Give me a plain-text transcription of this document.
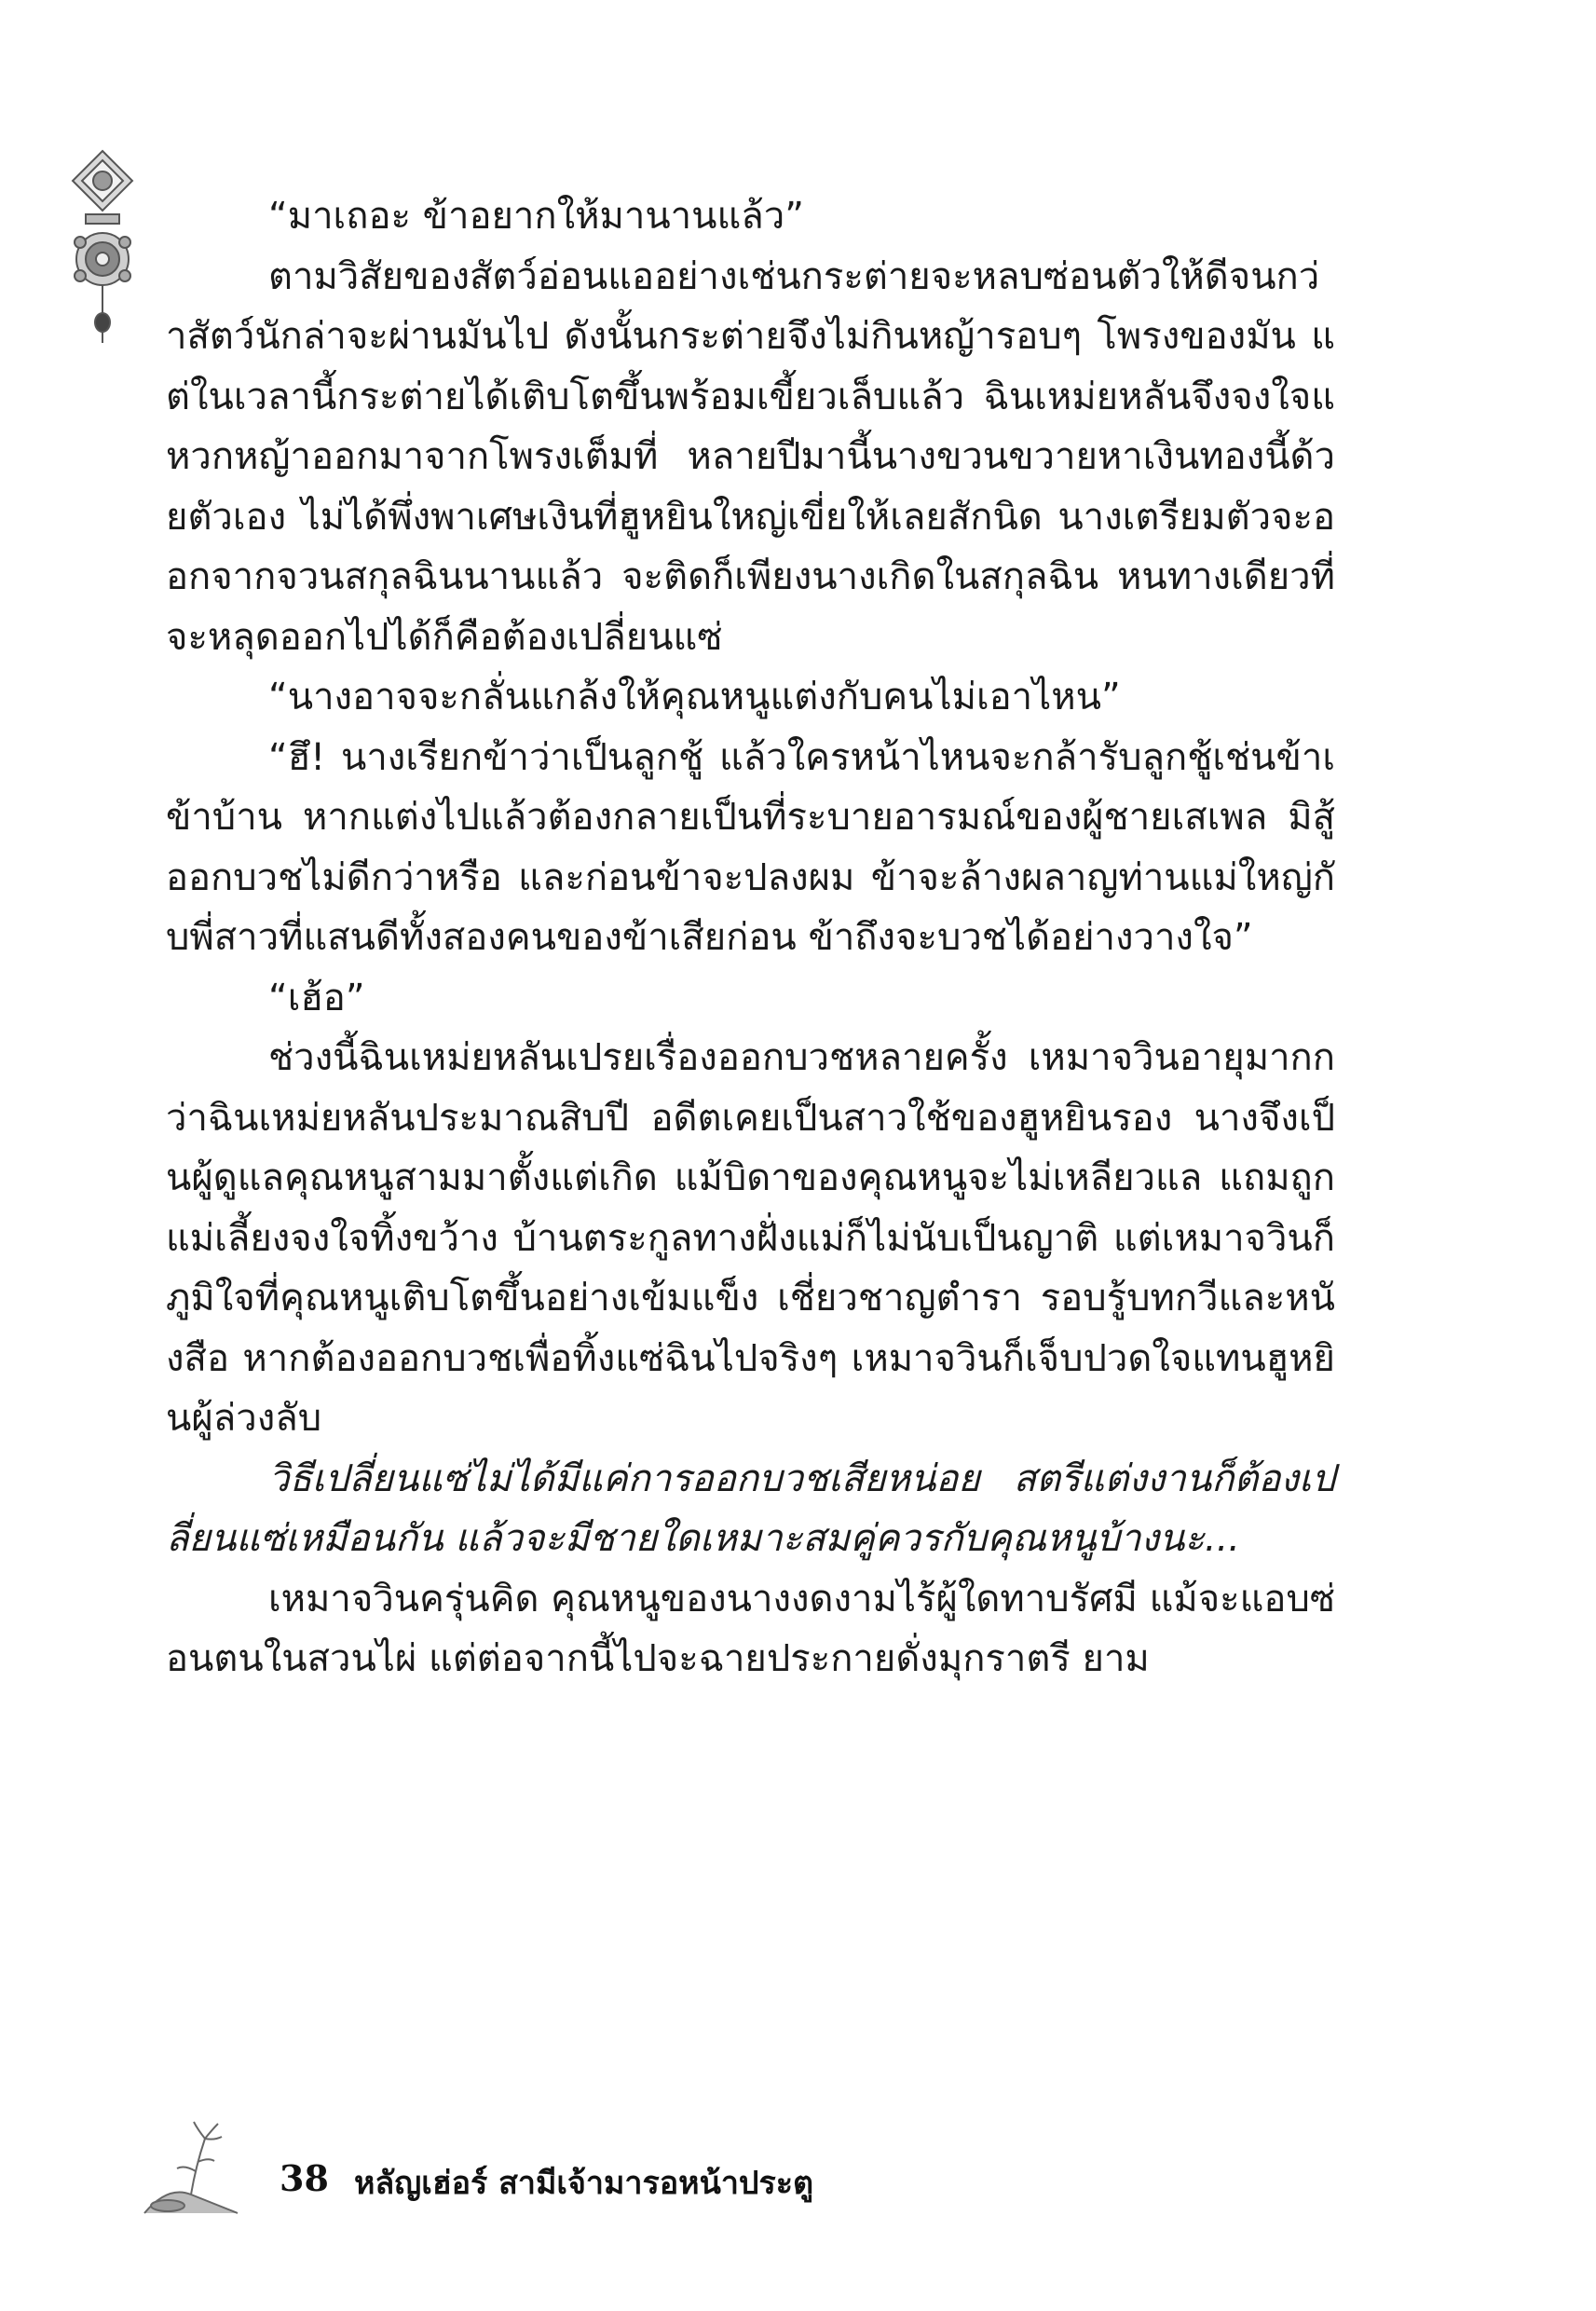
“มาเถอะ ข้าอยากให้มานานแล้ว”

ตามวิสัยของสัตว์อ่อนแออย่างเช่นกระต่ายจะหลบซ่อนตัวให้ดีจนกว่าสัตว์นักล่าจะผ่านมันไป ดังนั้นกระต่ายจึงไม่กินหญ้ารอบๆ โพรงของมัน แต่ในเวลานี้กระต่ายได้เติบโตขึ้นพร้อมเขี้ยวเล็บแล้ว ฉินเหม่ยหลันจึงจงใจแหวกหญ้าออกมาจากโพรงเต็มที่ หลายปีมานี้นางขวนขวายหาเงินทองนี้ด้วยตัวเอง ไม่ได้พึ่งพาเศษเงินที่ฮูหยินใหญ่เขี่ยให้เลยสักนิด นางเตรียมตัวจะออกจากจวนสกุลฉินนานแล้ว จะติดก็เพียงนางเกิดในสกุลฉิน หนทางเดียวที่จะหลุดออกไปได้ก็คือต้องเปลี่ยนแซ่

“นางอาจจะกลั่นแกล้งให้คุณหนูแต่งกับคนไม่เอาไหน”

“ฮึ! นางเรียกข้าว่าเป็นลูกชู้ แล้วใครหน้าไหนจะกล้ารับลูกชู้เช่นข้าเข้าบ้าน หากแต่งไปแล้วต้องกลายเป็นที่ระบายอารมณ์ของผู้ชายเสเพล มิสู้ออกบวชไม่ดีกว่าหรือ และก่อนข้าจะปลงผม ข้าจะล้างผลาญท่านแม่ใหญ่กับพี่สาวที่แสนดีทั้งสองคนของข้าเสียก่อน ข้าถึงจะบวชได้อย่างวางใจ”

“เฮ้อ”

ช่วงนี้ฉินเหม่ยหลันเปรยเรื่องออกบวชหลายครั้ง เหมาจวินอายุมากกว่าฉินเหม่ยหลันประมาณสิบปี อดีตเคยเป็นสาวใช้ของฮูหยินรอง นางจึงเป็นผู้ดูแลคุณหนูสามมาตั้งแต่เกิด แม้บิดาของคุณหนูจะไม่เหลียวแล แถมถูกแม่เลี้ยงจงใจทิ้งขว้าง บ้านตระกูลทางฝั่งแม่ก็ไม่นับเป็นญาติ แต่เหมาจวินก็ภูมิใจที่คุณหนูเติบโตขึ้นอย่างเข้มแข็ง เชี่ยวชาญตำรา รอบรู้บทกวีและหนังสือ หากต้องออกบวชเพื่อทิ้งแซ่ฉินไปจริงๆ เหมาจวินก็เจ็บปวดใจแทนฮูหยินผู้ล่วงลับ

วิธีเปลี่ยนแซ่ไม่ได้มีแค่การออกบวชเสียหน่อย สตรีแต่งงานก็ต้องเปลี่ยนแซ่เหมือนกัน แล้วจะมีชายใดเหมาะสมคู่ควรกับคุณหนูบ้างนะ...

เหมาจวินครุ่นคิด คุณหนูของนางงดงามไร้ผู้ใดทาบรัศมี แม้จะแอบซ่อนตนในสวนไผ่ แต่ต่อจากนี้ไปจะฉายประกายดั่งมุกราตรี ยาม

38 หลัญเฮ่อร์ สามีเจ้ามารอหน้าประตู
